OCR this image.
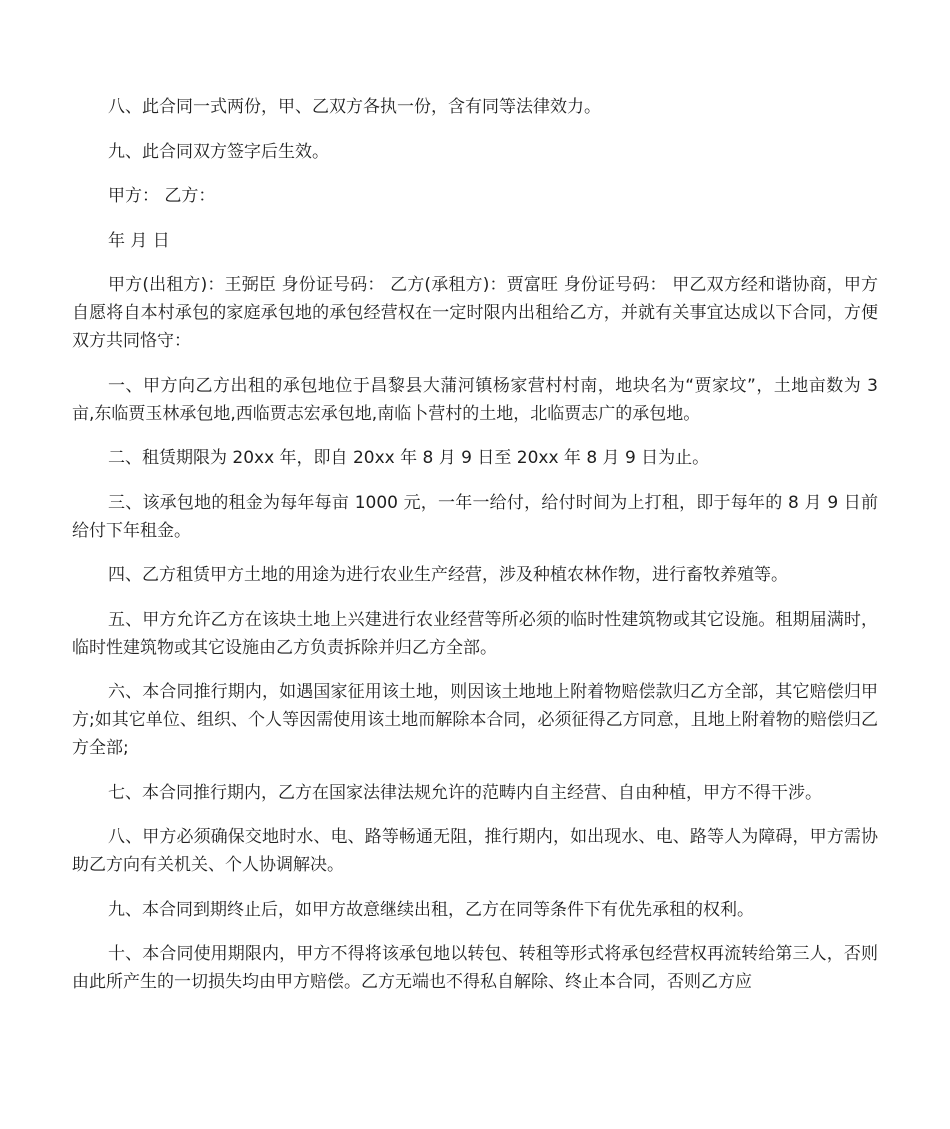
八、此合同一式两份，甲、乙双方各执一份，含有同等法律效力。

九、此合同双方签字后生效。

甲方： 乙方：

年 月 日

甲方(出租方)：王弼臣 身份证号码： 乙方(承租方)：贾富旺 身份证号码： 甲乙双方经和谐协商，甲方自愿将自本村承包的家庭承包地的承包经营权在一定时限内出租给乙方，并就有关事宜达成以下合同，方便双方共同恪守：

一、甲方向乙方出租的承包地位于昌黎县大蒲河镇杨家营村村南，地块名为“贾家坟”，土地亩数为 3 亩,东临贾玉林承包地,西临贾志宏承包地,南临卜营村的土地，北临贾志广的承包地。

二、租赁期限为 20xx 年，即自 20xx 年 8 月 9 日至 20xx 年 8 月 9 日为止。

三、该承包地的租金为每年每亩 1000 元，一年一给付，给付时间为上打租，即于每年的 8 月 9 日前给付下年租金。

四、乙方租赁甲方土地的用途为进行农业生产经营，涉及种植农林作物，进行畜牧养殖等。

五、甲方允许乙方在该块土地上兴建进行农业经营等所必须的临时性建筑物或其它设施。租期届满时，临时性建筑物或其它设施由乙方负责拆除并归乙方全部。

六、本合同推行期内，如遇国家征用该土地，则因该土地地上附着物赔偿款归乙方全部，其它赔偿归甲方;如其它单位、组织、个人等因需使用该土地而解除本合同，必须征得乙方同意，且地上附着物的赔偿归乙方全部;

七、本合同推行期内，乙方在国家法律法规允许的范畴内自主经营、自由种植，甲方不得干涉。

八、甲方必须确保交地时水、电、路等畅通无阻，推行期内，如出现水、电、路等人为障碍，甲方需协助乙方向有关机关、个人协调解决。

九、本合同到期终止后，如甲方故意继续出租，乙方在同等条件下有优先承租的权利。

十、本合同使用期限内，甲方不得将该承包地以转包、转租等形式将承包经营权再流转给第三人，否则由此所产生的一切损失均由甲方赔偿。乙方无端也不得私自解除、终止本合同，否则乙方应
